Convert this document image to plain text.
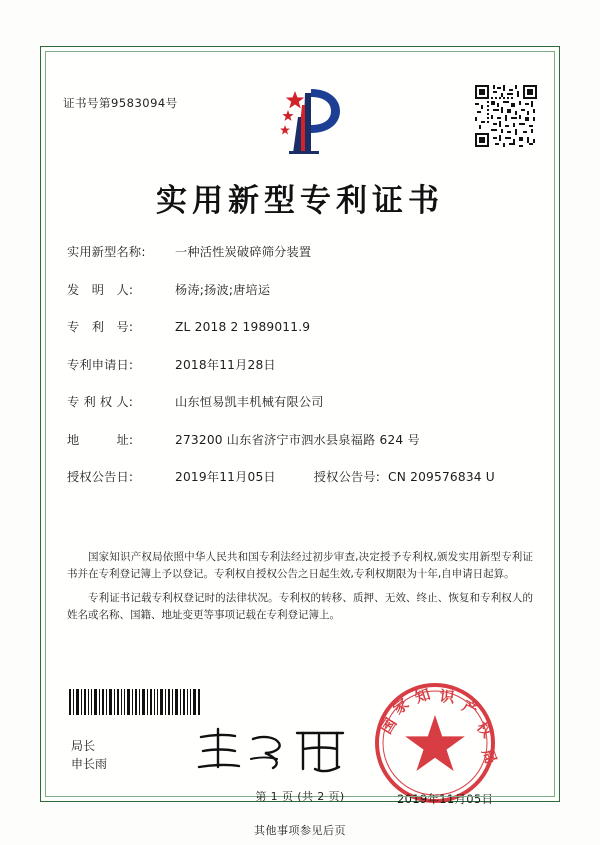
证书号第9583094号
实用新型专利证书
实用新型名称:	一种活性炭破碎筛分装置
发　明　人:	杨涛;扬波;唐培运
专　利　号:	ZL 2018 2 1989011.9
专利申请日:	2018年11月28日
专 利 权 人:	山东恒易凯丰机械有限公司
地　　　址:	273200 山东省济宁市泗水县泉福路 624 号
授权公告日:	2019年11月05日	授权公告号: CN 209576834 U

国家知识产权局依照中华人民共和国专利法经过初步审查,决定授予专利权,颁发实用新型专利证书并在专利登记簿上予以登记。专利权自授权公告之日起生效,专利权期限为十年,自申请日起算。

专利证书记载专利权登记时的法律状况。专利权的转移、质押、无效、终止、恢复和专利权人的姓名或名称、国籍、地址变更等事项记载在专利登记簿上。

局长
申长雨
国
家 知 识 产
权
局
2019年11月05日
第 1 页 (共 2 页)
其他事项参见后页
